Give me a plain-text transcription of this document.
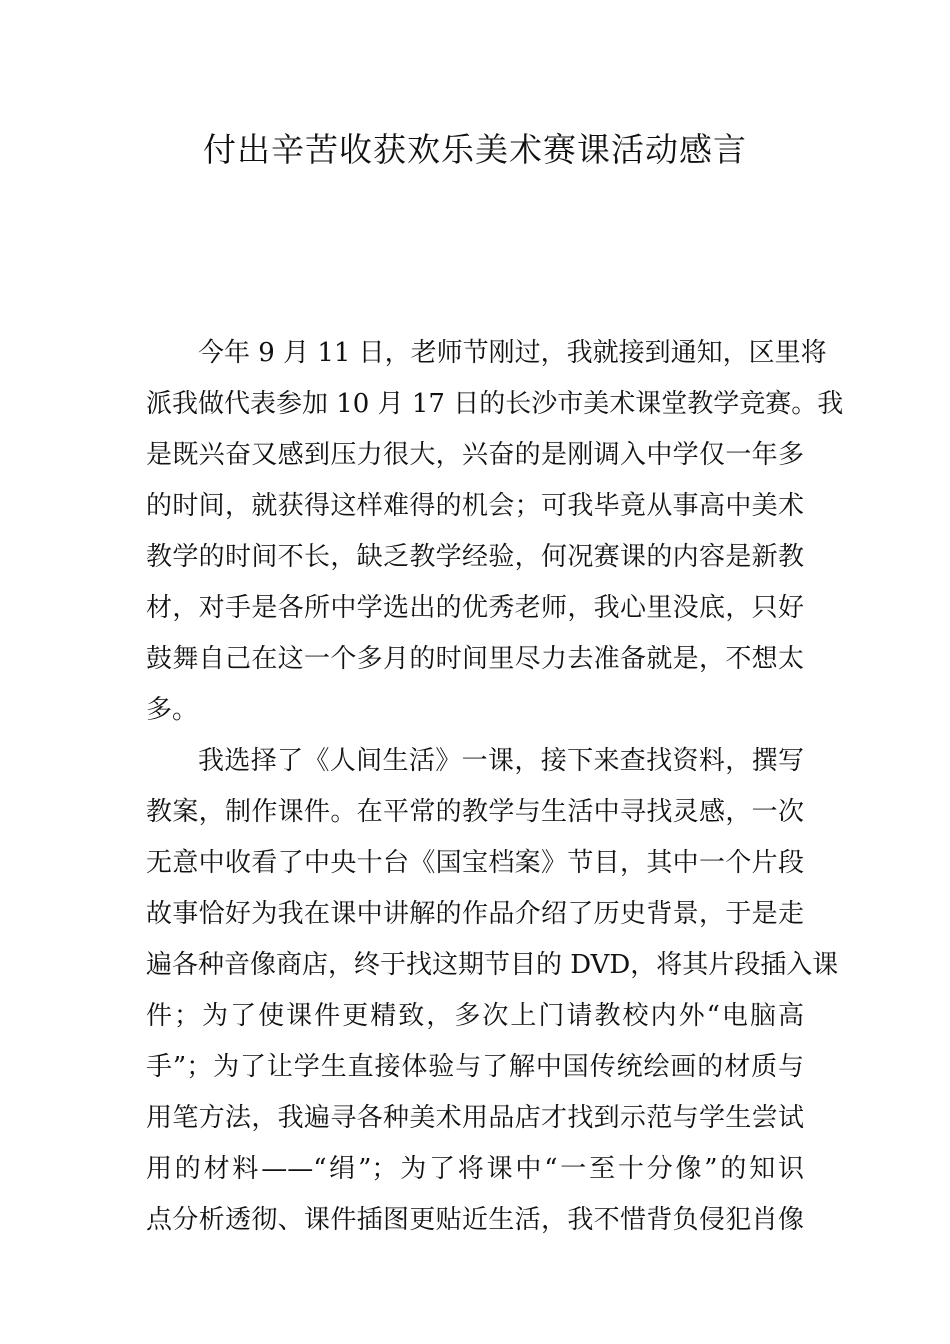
付出辛苦收获欢乐美术赛课活动感言
今年 9 月 11 日，老师节刚过，我就接到通知，区里将
派我做代表参加 10 月 17 日的长沙市美术课堂教学竞赛。我
是既兴奋又感到压力很大，兴奋的是刚调入中学仅一年多
的时间，就获得这样难得的机会；可我毕竟从事高中美术
教学的时间不长，缺乏教学经验，何况赛课的内容是新教
材，对手是各所中学选出的优秀老师，我心里没底，只好
鼓舞自己在这一个多月的时间里尽力去准备就是，不想太
多。
我选择了《人间生活》一课，接下来查找资料，撰写
教案，制作课件。在平常的教学与生活中寻找灵感，一次
无意中收看了中央十台《国宝档案》节目，其中一个片段
故事恰好为我在课中讲解的作品介绍了历史背景，于是走
遍各种音像商店，终于找这期节目的 DVD，将其片段插入课
件；为了使课件更精致，多次上门请教校内外“电脑高
手”；为了让学生直接体验与了解中国传统绘画的材质与
用笔方法，我遍寻各种美术用品店才找到示范与学生尝试
用的材料——“绢”；为了将课中“一至十分像”的知识
点分析透彻、课件插图更贴近生活，我不惜背负侵犯肖像
